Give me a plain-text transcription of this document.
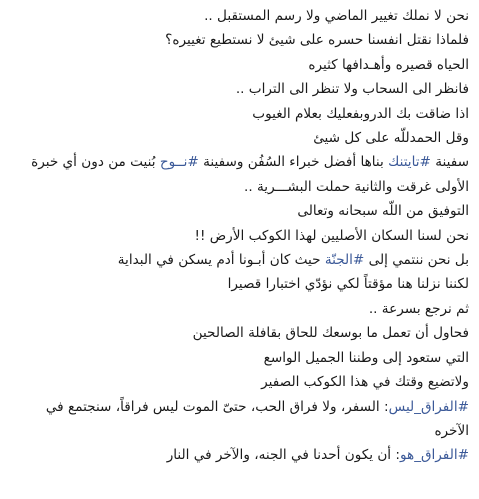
نحن لا نملك تغيير الماضي ولا رسم المستقبل ..
فلماذا نقتل انفسنا حسره على شيئ لا نستطيع تغييره؟
الحياه قصيره وأهـدافها كثيره
فانظر الى السحاب ولا تنظر الى التراب ..
اذا ضاقت بك الدروبفعليك بعلام الغيوب
وقل الحمدللّه على كل شيئ
سفينة #تايتنك بناها أفضل خبراء السُفُن وسفينة #نــوح بُنيت من دون أي خبرة
الأولى غرقت والثانية حملت البشـــرية ..
التوفيق من اللّه سبحانه وتعالى
نحن لسنا السكان الأصليين لهذا الكوكب الأرض !!
بل نحن ننتمي إلى #الجنّة حيث كان أبـونا أدم يسكن في البداية
لكننا نزلنا هنا مؤقتاً لكي نؤدّي اختبارا قصيرا
ثم نرجع بسرعة ..
فحاول أن تعمل ما بوسعك للحاق بقافلة الصالحين
التي ستعود إلى وطننا الجميل الواسع
ولاتضيع وقتك في هذا الكوكب الصفير
#الفراق_ليس: السفر، ولا فراق الحب، حتىّ الموت ليس فراقاً، سنجتمع في الآخره
#الفراق_هو: أن يكون أحدنا في الجنه، والآخر في النار
